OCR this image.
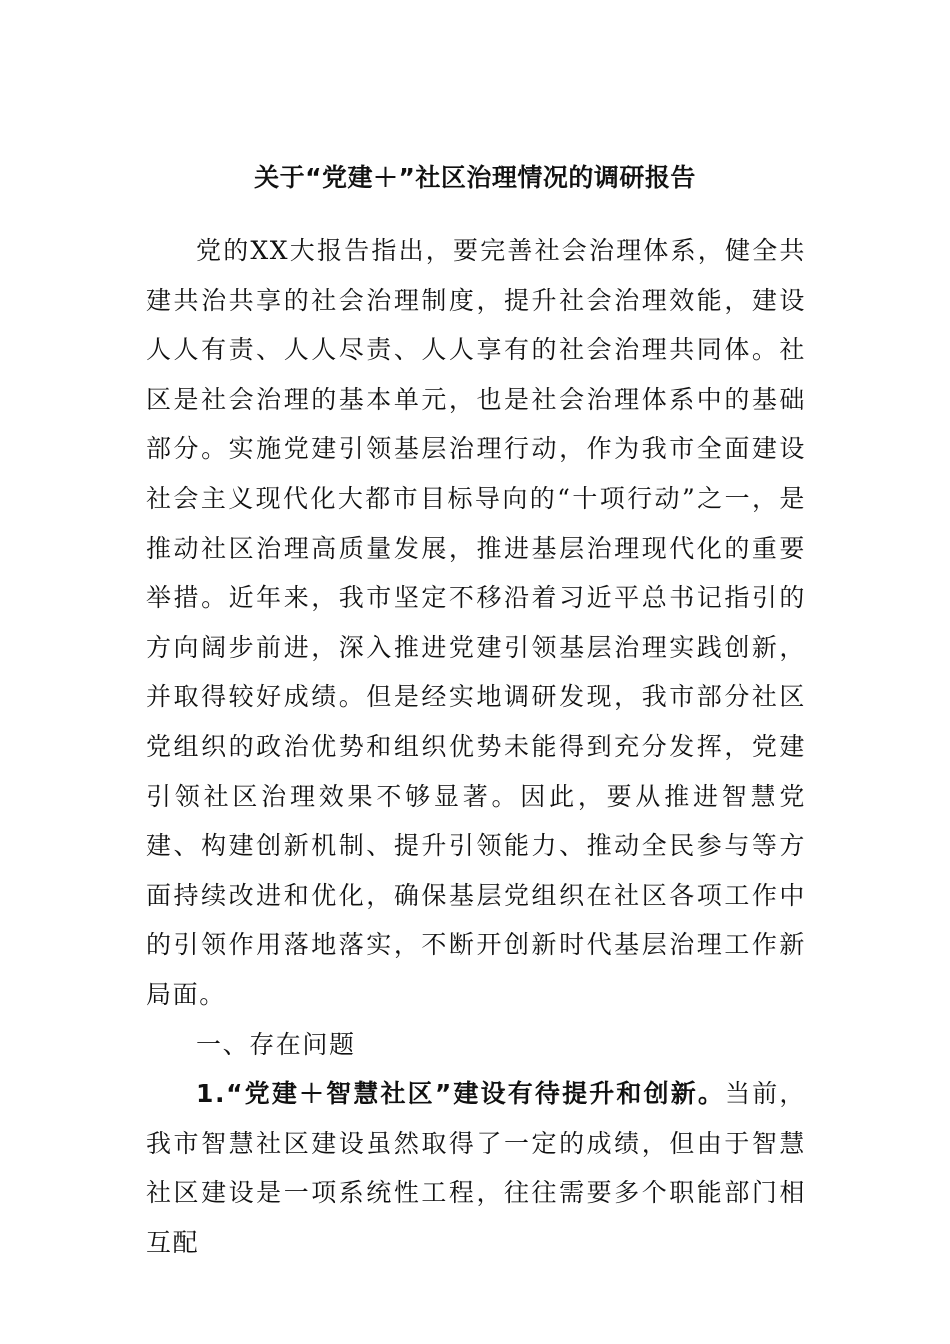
关于“党建＋”社区治理情况的调研报告

党的XX大报告指出，要完善社会治理体系，健全共建共治共享的社会治理制度，提升社会治理效能，建设人人有责、人人尽责、人人享有的社会治理共同体。社区是社会治理的基本单元，也是社会治理体系中的基础部分。实施党建引领基层治理行动，作为我市全面建设社会主义现代化大都市目标导向的“十项行动”之一，是推动社区治理高质量发展，推进基层治理现代化的重要举措。近年来，我市坚定不移沿着习近平总书记指引的方向阔步前进，深入推进党建引领基层治理实践创新，并取得较好成绩。但是经实地调研发现，我市部分社区党组织的政治优势和组织优势未能得到充分发挥，党建引领社区治理效果不够显著。因此，要从推进智慧党建、构建创新机制、提升引领能力、推动全民参与等方面持续改进和优化，确保基层党组织在社区各项工作中的引领作用落地落实，不断开创新时代基层治理工作新局面。

一、存在问题

1.“党建＋智慧社区”建设有待提升和创新。当前，我市智慧社区建设虽然取得了一定的成绩，但由于智慧社区建设是一项系统性工程，往往需要多个职能部门相互配
